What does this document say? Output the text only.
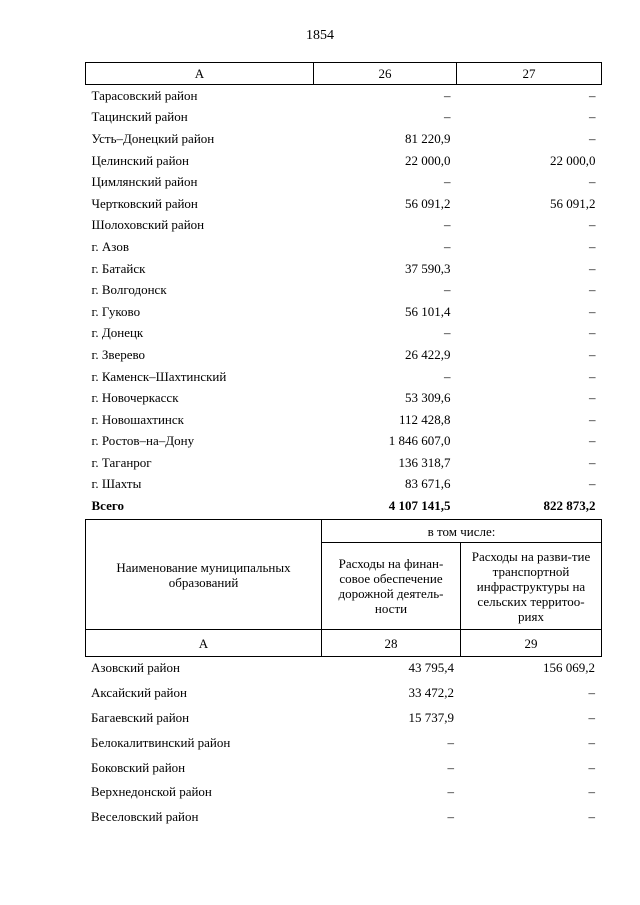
1854
А	26	27
Тарасовский район	–	–
Тацинский район	–	–
Усть–Донецкий район	81 220,9	–
Целинский район	22 000,0	22 000,0
Цимлянский район	–	–
Чертковский район	56 091,2	56 091,2
Шолоховский район	–	–
г. Азов	–	–
г. Батайск	37 590,3	–
г. Волгодонск	–	–
г. Гуково	56 101,4	–
г. Донецк	–	–
г. Зверево	26 422,9	–
г. Каменск–Шахтинский	–	–
г. Новочеркасск	53 309,6	–
г. Новошахтинск	112 428,8	–
г. Ростов–на–Дону	1 846 607,0	–
г. Таганрог	136 318,7	–
г. Шахты	83 671,6	–
Всего	4 107 141,5	822 873,2
Наименование муниципальных образований	в том числе:	
	Расходы на финан-совое обеспечение дорожной деятель-ности	Расходы на разви-тие транспортной инфраструктуры на сельских территоо-риях
А	28	29
Азовский район	43 795,4	156 069,2
Аксайский район	33 472,2	–
Багаевский район	15 737,9	–
Белокалитвинский район	–	–
Боковский район	–	–
Верхнедонской район	–	–
Веселовский район	–	–
